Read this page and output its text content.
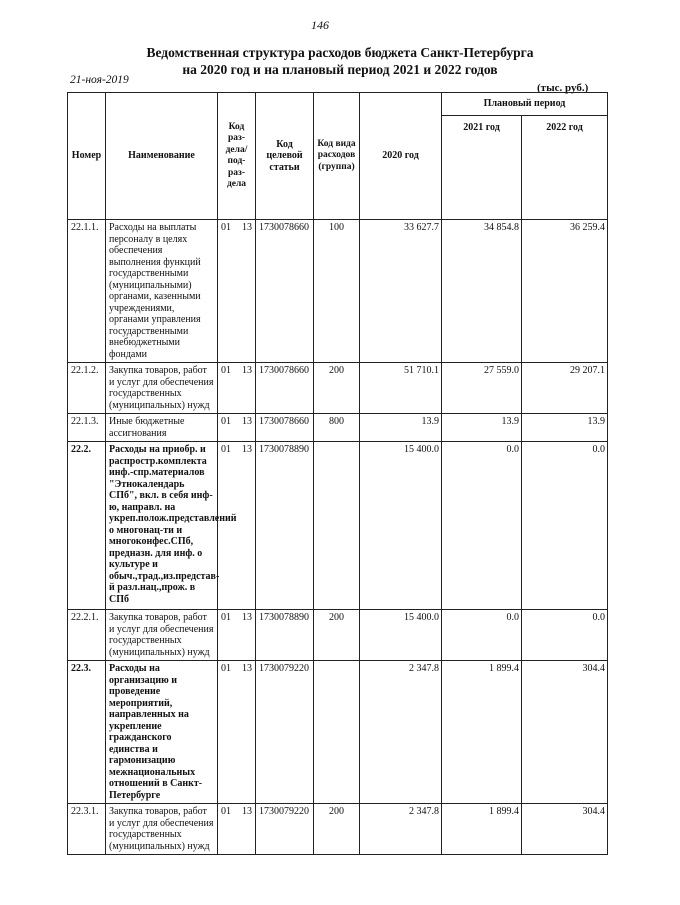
146
Ведомственная структура расходов бюджета Санкт-Петербурга
на 2020 год и на плановый период 2021 и 2022 годов
21-ноя-2019
(тыс. руб.)
Номер	Наименование	Код раз- дела/ под- раз- дела	Код целевой статьи	Код вида расходов (группа)	2020 год	Плановый период	
						2021 год	2022 год
22.1.1.	Расходы на выплаты персоналу в целях обеспечения выполнения функций государственными (муниципальными) органами, казенными учреждениями, органами управления государственными внебюджетными фондами	01 13	1730078660	100	33 627.7	34 854.8	36 259.4
22.1.2.	Закупка товаров, работ и услуг для обеспечения государственных (муниципальных) нужд	01 13	1730078660	200	51 710.1	27 559.0	29 207.1
22.1.3.	Иные бюджетные ассигнования	01 13	1730078660	800	13.9	13.9	13.9
22.2.	Расходы на приобр. и распростр.комплекта инф.-спр.материалов "Этнокалендарь СПб", вкл. в себя инф-ю, направл. на укреп.полож.представлений о многонац-ти и многоконфес.СПб, предназн. для инф. о культуре и обыч.,трад.,из.представ-й разл.нац.,прож. в СПб	01 13	1730078890		15 400.0	0.0	0.0
22.2.1.	Закупка товаров, работ и услуг для обеспечения государственных (муниципальных) нужд	01 13	1730078890	200	15 400.0	0.0	0.0
22.3.	Расходы на организацию и проведение мероприятий, направленных на укрепление гражданского единства и гармонизацию межнациональных отношений в Санкт-Петербурге	01 13	1730079220		2 347.8	1 899.4	304.4
22.3.1.	Закупка товаров, работ и услуг для обеспечения государственных (муниципальных) нужд	01 13	1730079220	200	2 347.8	1 899.4	304.4
